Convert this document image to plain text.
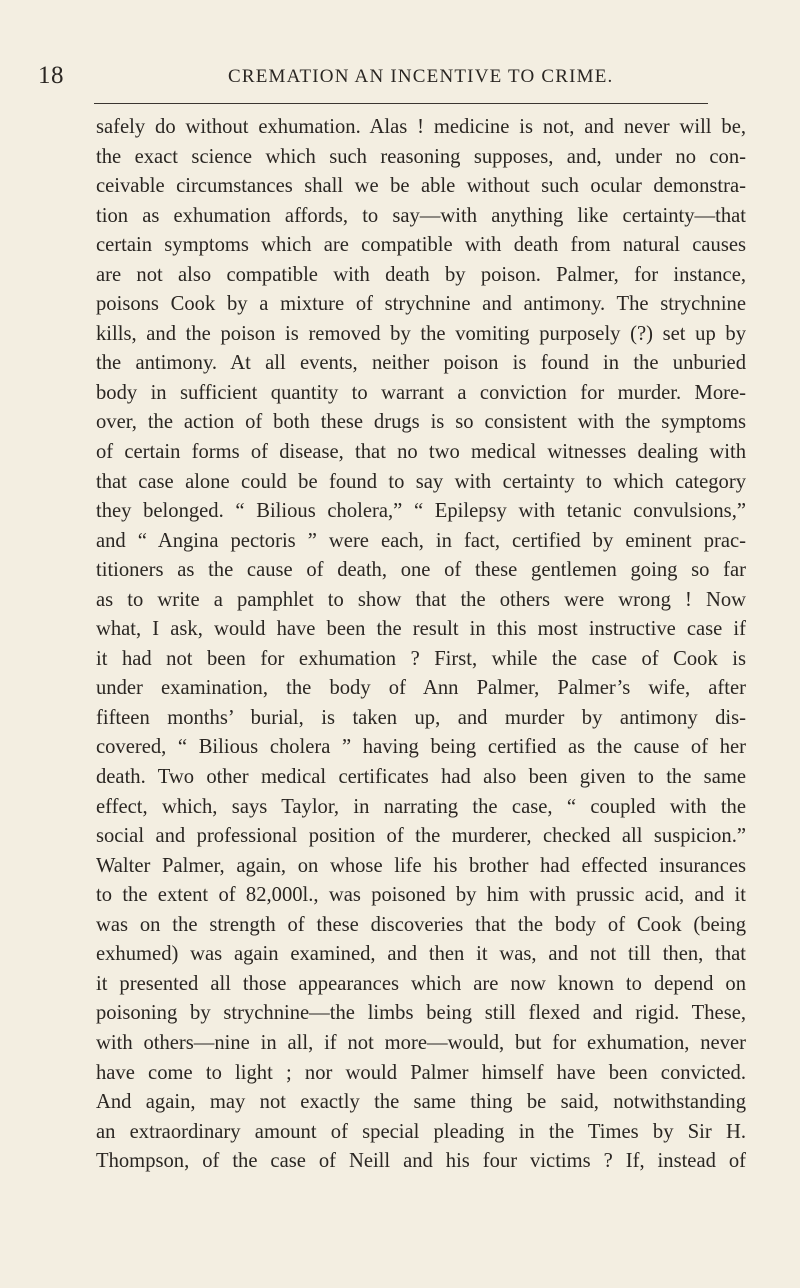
18	CREMATION AN INCENTIVE TO CRIME.
safely do without exhumation. Alas ! medicine is not, and never will be,
the exact science which such reasoning supposes, and, under no con-
ceivable circumstances shall we be able without such ocular demonstra-
tion as exhumation affords, to say—with anything like certainty—that
certain symptoms which are compatible with death from natural causes
are not also compatible with death by poison. Palmer, for instance,
poisons Cook by a mixture of strychnine and antimony. The strychnine
kills, and the poison is removed by the vomiting purposely (?) set up by
the antimony. At all events, neither poison is found in the unburied
body in sufficient quantity to warrant a conviction for murder. More-
over, the action of both these drugs is so consistent with the symptoms
of certain forms of disease, that no two medical witnesses dealing with
that case alone could be found to say with certainty to which category
they belonged. “ Bilious cholera,” “ Epilepsy with tetanic convulsions,”
and “ Angina pectoris ” were each, in fact, certified by eminent prac-
titioners as the cause of death, one of these gentlemen going so far
as to write a pamphlet to show that the others were wrong ! Now
what, I ask, would have been the result in this most instructive case if
it had not been for exhumation ? First, while the case of Cook is
under examination, the body of Ann Palmer, Palmer’s wife, after
fifteen months’ burial, is taken up, and murder by antimony dis-
covered, “ Bilious cholera ” having being certified as the cause of her
death. Two other medical certificates had also been given to the same
effect, which, says Taylor, in narrating the case, “ coupled with the
social and professional position of the murderer, checked all suspicion.”
Walter Palmer, again, on whose life his brother had effected insurances
to the extent of 82,000l., was poisoned by him with prussic acid, and it
was on the strength of these discoveries that the body of Cook (being
exhumed) was again examined, and then it was, and not till then, that
it presented all those appearances which are now known to depend on
poisoning by strychnine—the limbs being still flexed and rigid. These,
with others—nine in all, if not more—would, but for exhumation, never
have come to light ; nor would Palmer himself have been convicted.
And again, may not exactly the same thing be said, notwithstanding
an extraordinary amount of special pleading in the Times by Sir H.
Thompson, of the case of Neill and his four victims ? If, instead of
